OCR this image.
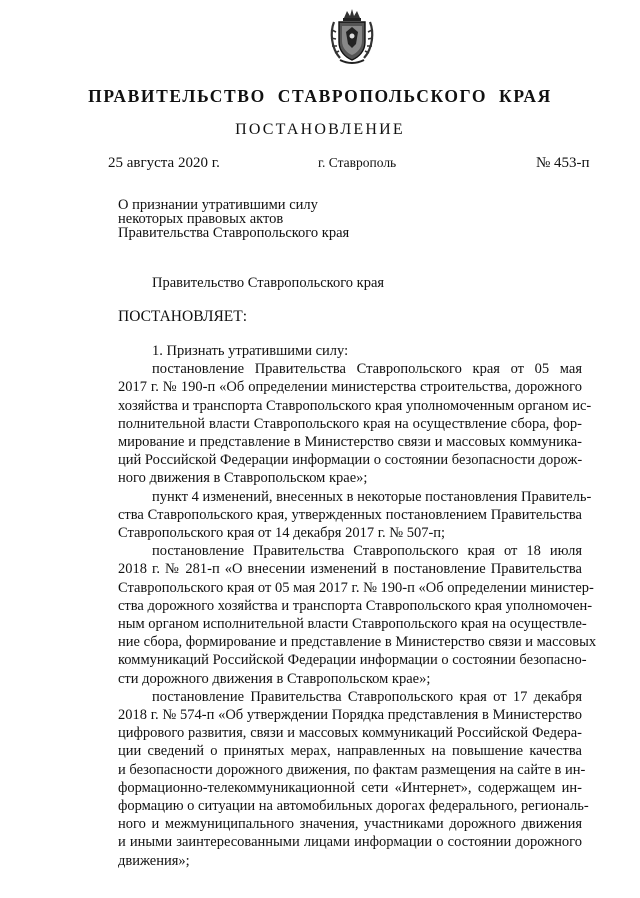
ПРАВИТЕЛЬСТВО СТАВРОПОЛЬСКОГО КРАЯ
ПОСТАНОВЛЕНИЕ
25 августа 2020 г.	г. Ставрополь	№ 453-п
О признании утратившими силу
некоторых правовых актов
Правительства Ставропольского края
Правительство Ставропольского края
ПОСТАНОВЛЯЕТ:
1. Признать утратившими силу:
постановление Правительства Ставропольского края от 05 мая
2017 г. № 190-п «Об определении министерства строительства, дорожного
хозяйства и транспорта Ставропольского края уполномоченным органом ис-
полнительной власти Ставропольского края на осуществление сбора, фор-
мирование и представление в Министерство связи и массовых коммуника-
ций Российской Федерации информации о состоянии безопасности дорож-
ного движения в Ставропольском крае»;
пункт 4 изменений, внесенных в некоторые постановления Правитель-
ства Ставропольского края, утвержденных постановлением Правительства
Ставропольского края от 14 декабря 2017 г. № 507-п;
постановление Правительства Ставропольского края от 18 июля
2018 г. № 281-п «О внесении изменений в постановление Правительства
Ставропольского края от 05 мая 2017 г. № 190-п «Об определении министер-
ства дорожного хозяйства и транспорта Ставропольского края уполномочен-
ным органом исполнительной власти Ставропольского края на осуществле-
ние сбора, формирование и представление в Министерство связи и массовых
коммуникаций Российской Федерации информации о состоянии безопасно-
сти дорожного движения в Ставропольском крае»;
постановление Правительства Ставропольского края от 17 декабря
2018 г. № 574-п «Об утверждении Порядка представления в Министерство
цифрового развития, связи и массовых коммуникаций Российской Федера-
ции сведений о принятых мерах, направленных на повышение качества
и безопасности дорожного движения, по фактам размещения на сайте в ин-
формационно-телекоммуникационной сети «Интернет», содержащем ин-
формацию о ситуации на автомобильных дорогах федерального, региональ-
ного и межмуниципального значения, участниками дорожного движения
и иными заинтересованными лицами информации о состоянии дорожного
движения»;
